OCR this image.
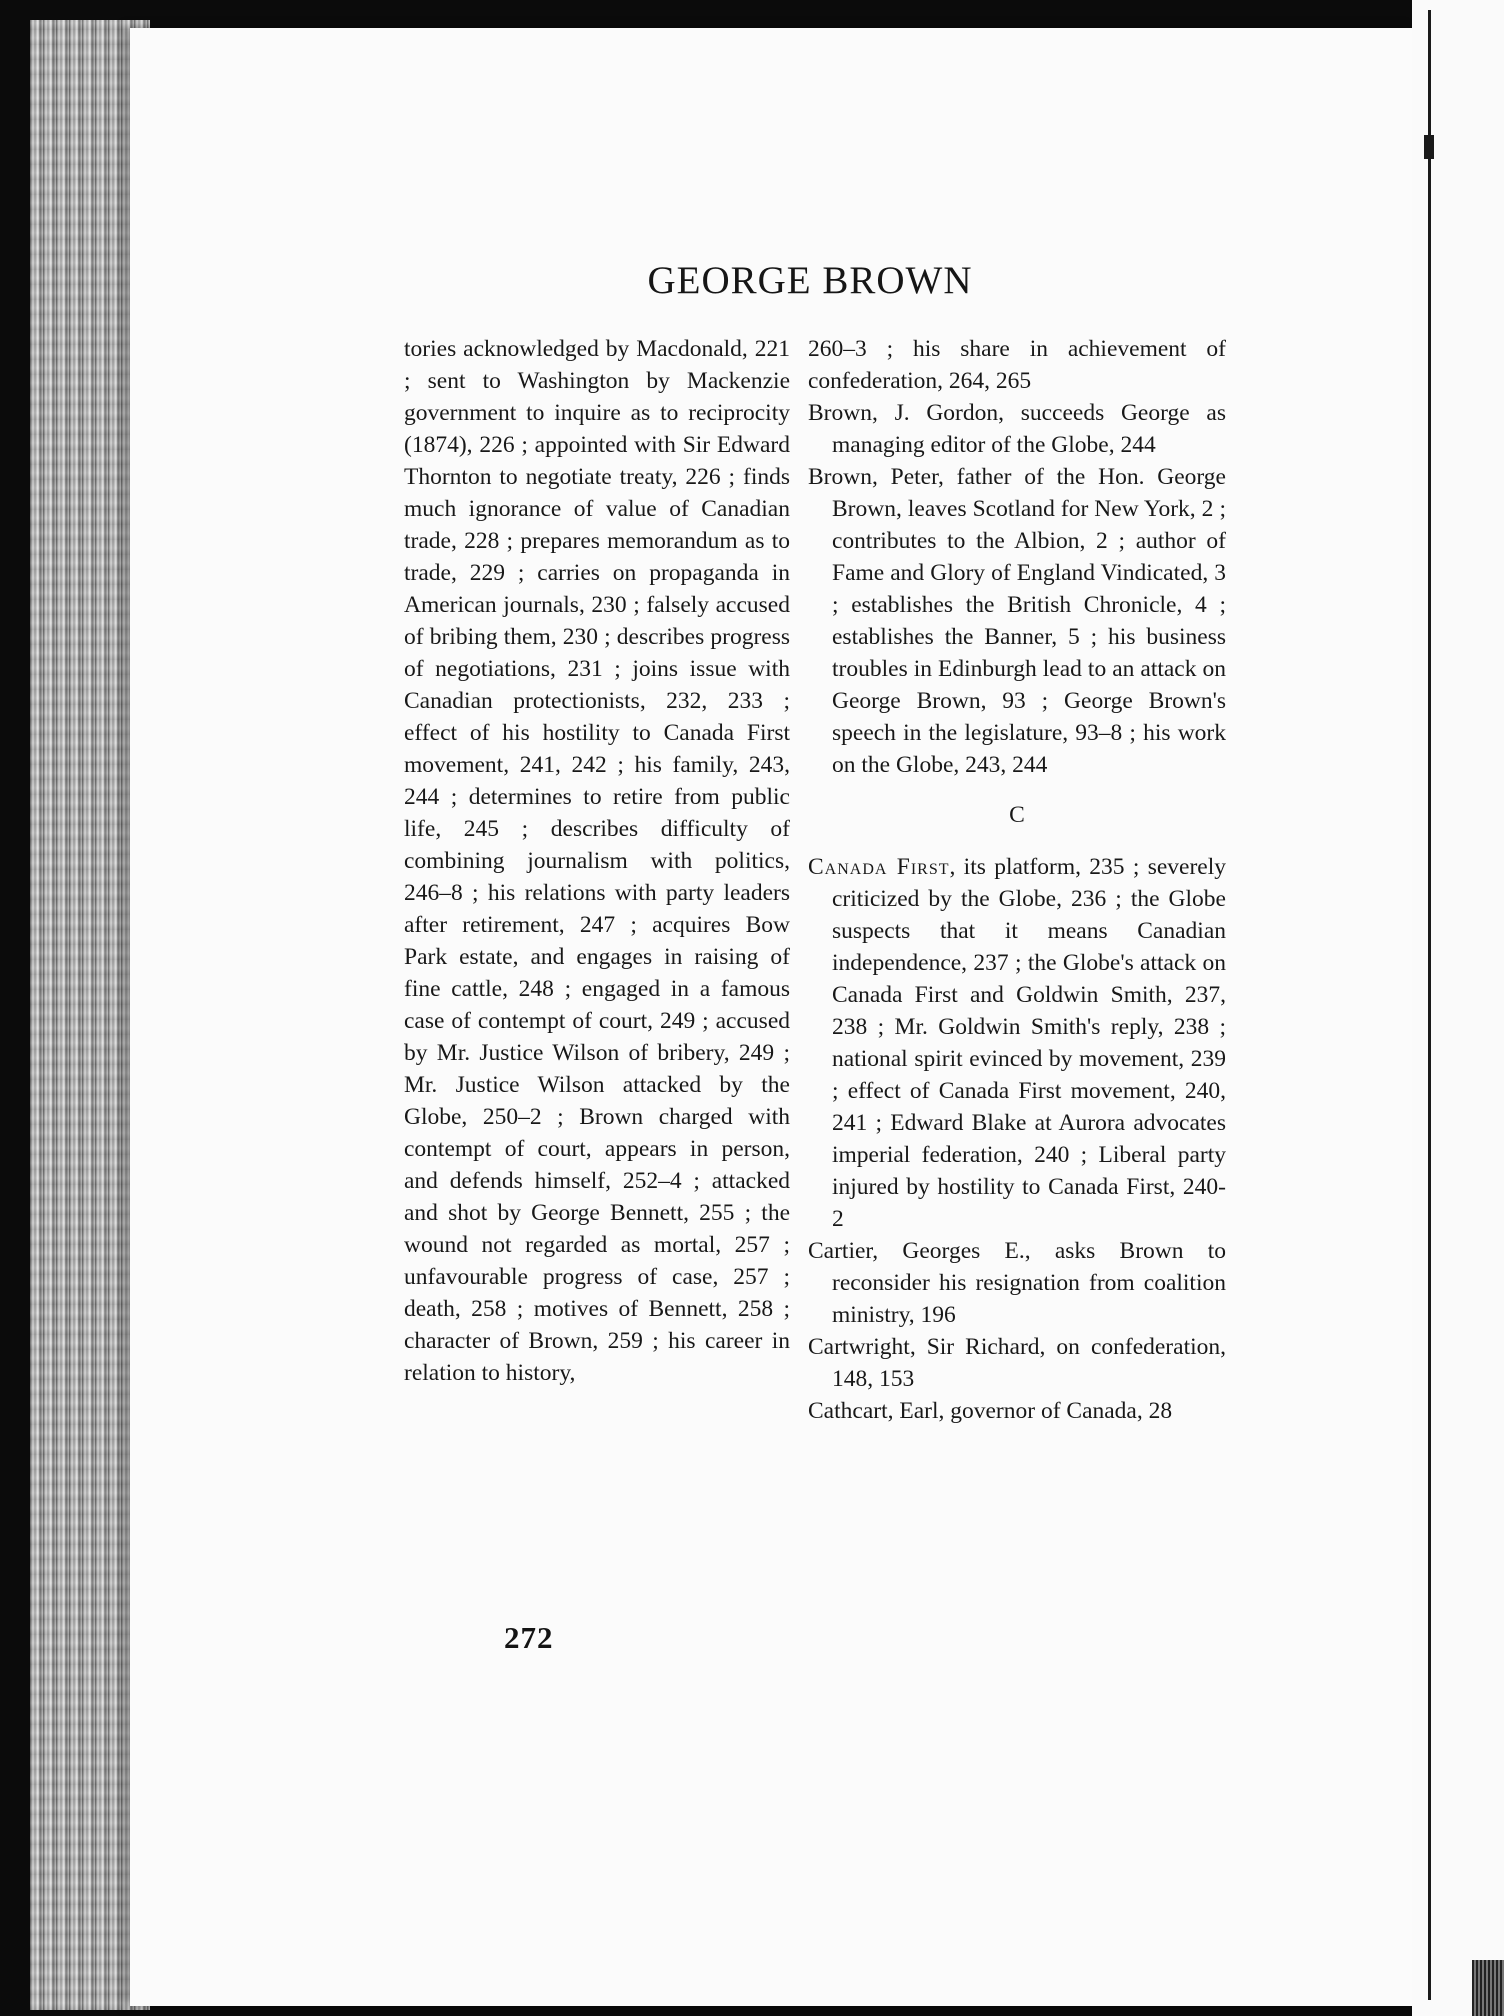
GEORGE BROWN

tories acknowledged by Macdonald, 221 ; sent to Washington by Mackenzie government to inquire as to reciprocity (1874), 226 ; appointed with Sir Edward Thornton to negotiate treaty, 226 ; finds much ignorance of value of Canadian trade, 228 ; prepares memorandum as to trade, 229 ; carries on propaganda in American journals, 230 ; falsely accused of bribing them, 230 ; describes progress of negotiations, 231 ; joins issue with Canadian protectionists, 232, 233 ; effect of his hostility to Canada First movement, 241, 242 ; his family, 243, 244 ; determines to retire from public life, 245 ; describes difficulty of combining journalism with politics, 246–8 ; his relations with party leaders after retirement, 247 ; acquires Bow Park estate, and engages in raising of fine cattle, 248 ; engaged in a famous case of contempt of court, 249 ; accused by Mr. Justice Wilson of bribery, 249 ; Mr. Justice Wilson attacked by the Globe, 250–2 ; Brown charged with contempt of court, appears in person, and defends himself, 252–4 ; attacked and shot by George Bennett, 255 ; the wound not regarded as mortal, 257 ; unfavourable progress of case, 257 ; death, 258 ; motives of Bennett, 258 ; character of Brown, 259 ; his career in relation to history,

260–3 ; his share in achievement of confederation, 264, 265

Brown, J. Gordon, succeeds George as managing editor of the Globe, 244

Brown, Peter, father of the Hon. George Brown, leaves Scotland for New York, 2 ; contributes to the Albion, 2 ; author of Fame and Glory of England Vindicated, 3 ; establishes the British Chronicle, 4 ; establishes the Banner, 5 ; his business troubles in Edinburgh lead to an attack on George Brown, 93 ; George Brown's speech in the legislature, 93–8 ; his work on the Globe, 243, 244

C

Canada First, its platform, 235 ; severely criticized by the Globe, 236 ; the Globe suspects that it means Canadian independence, 237 ; the Globe's attack on Canada First and Goldwin Smith, 237, 238 ; Mr. Goldwin Smith's reply, 238 ; national spirit evinced by movement, 239 ; effect of Canada First movement, 240, 241 ; Edward Blake at Aurora advocates imperial federation, 240 ; Liberal party injured by hostility to Canada First, 240-2

Cartier, Georges E., asks Brown to reconsider his resignation from coalition ministry, 196

Cartwright, Sir Richard, on confederation, 148, 153

Cathcart, Earl, governor of Canada, 28

272
